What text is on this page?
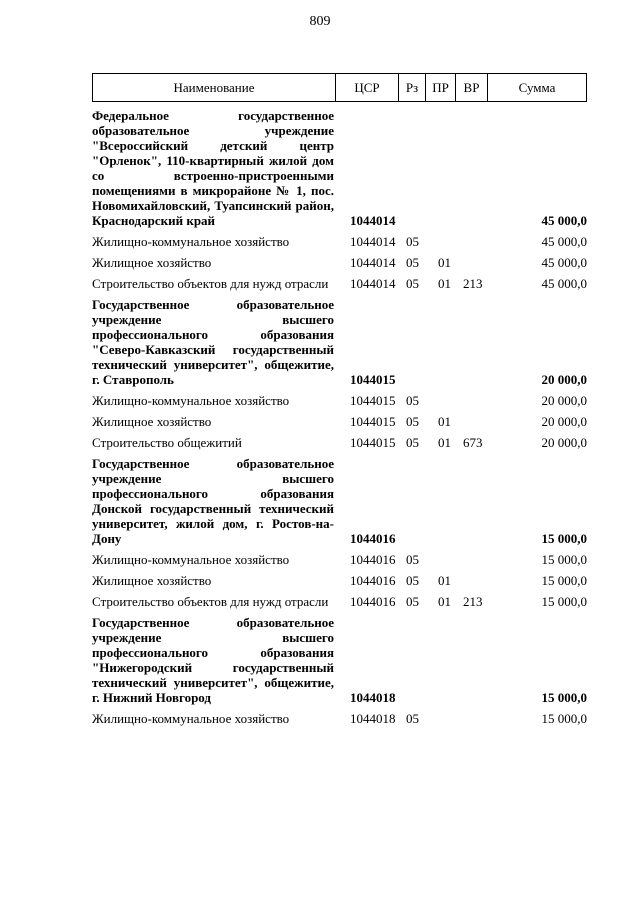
809
Наименование	ЦСР	Рз	ПР	ВР	Сумма
Федеральное государственное образовательное учреждение "Всероссийский детский центр "Орленок", 110-квартирный жилой дом со встроенно-пристроенными помещениями в микрорайоне № 1, пос. Новомихайловский, Туапсинский район, Краснодарский край	1044014	45 000,0
Жилищно-коммунальное хозяйство	1044014 05	45 000,0
Жилищное хозяйство	1044014 05 01	45 000,0
Строительство объектов для нужд отрасли	1044014 05 01 213	45 000,0
Государственное образовательное учреждение высшего профессионального образования "Северо-Кавказский государственный технический университет", общежитие, г. Ставрополь	1044015	20 000,0
Жилищно-коммунальное хозяйство	1044015 05	20 000,0
Жилищное хозяйство	1044015 05 01	20 000,0
Строительство общежитий	1044015 05 01 673	20 000,0
Государственное образовательное учреждение высшего профессионального образования Донской государственный технический университет, жилой дом, г. Ростов-на-Дону	1044016	15 000,0
Жилищно-коммунальное хозяйство	1044016 05	15 000,0
Жилищное хозяйство	1044016 05 01	15 000,0
Строительство объектов для нужд отрасли	1044016 05 01 213	15 000,0
Государственное образовательное учреждение высшего профессионального образования "Нижегородский государственный технический университет", общежитие, г. Нижний Новгород	1044018	15 000,0
Жилищно-коммунальное хозяйство	1044018 05	15 000,0
